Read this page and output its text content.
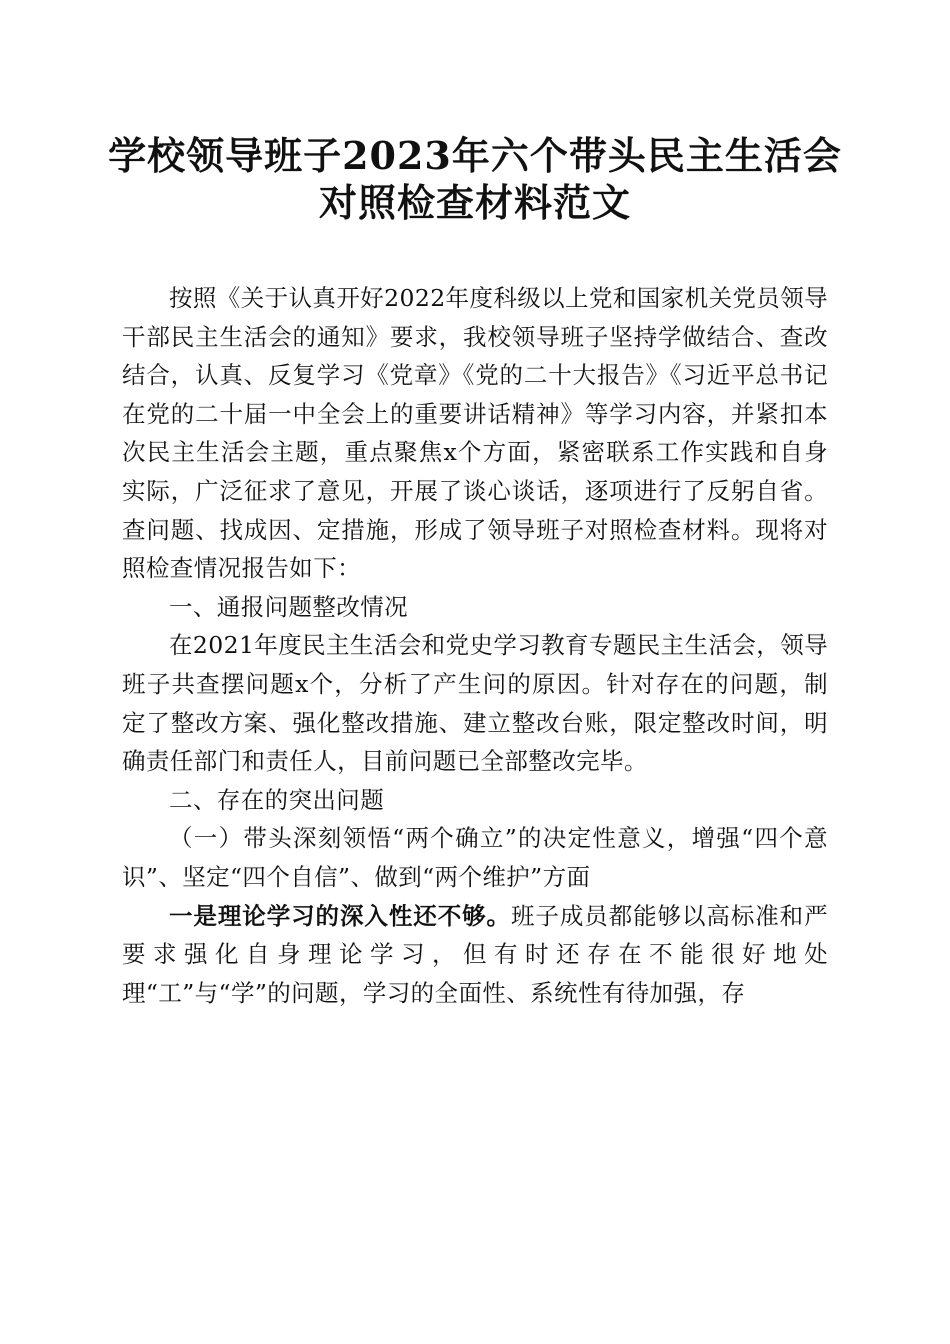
学校领导班子2023年六个带头民主生活会对照检查材料范文

按照《关于认真开好2022年度科级以上党和国家机关党员领导干部民主生活会的通知》要求，我校领导班子坚持学做结合、查改结合，认真、反复学习《党章》《党的二十大报告》《习近平总书记在党的二十届一中全会上的重要讲话精神》等学习内容，并紧扣本次民主生活会主题，重点聚焦x个方面，紧密联系工作实践和自身实际，广泛征求了意见，开展了谈心谈话，逐项进行了反躬自省。查问题、找成因、定措施，形成了领导班子对照检查材料。现将对照检查情况报告如下：

一、通报问题整改情况

在2021年度民主生活会和党史学习教育专题民主生活会，领导班子共查摆问题x个，分析了产生问的原因。针对存在的问题，制定了整改方案、强化整改措施、建立整改台账，限定整改时间，明确责任部门和责任人，目前问题已全部整改完毕。

二、存在的突出问题

（一）带头深刻领悟“两个确立”的决定性意义，增强“四个意识”、坚定“四个自信”、做到“两个维护”方面

一是理论学习的深入性还不够。班子成员都能够以高标准和严要求强化自身理论学习，但有时还存在不能很好地处理“工”与“学”的问题，学习的全面性、系统性有待加强，存
